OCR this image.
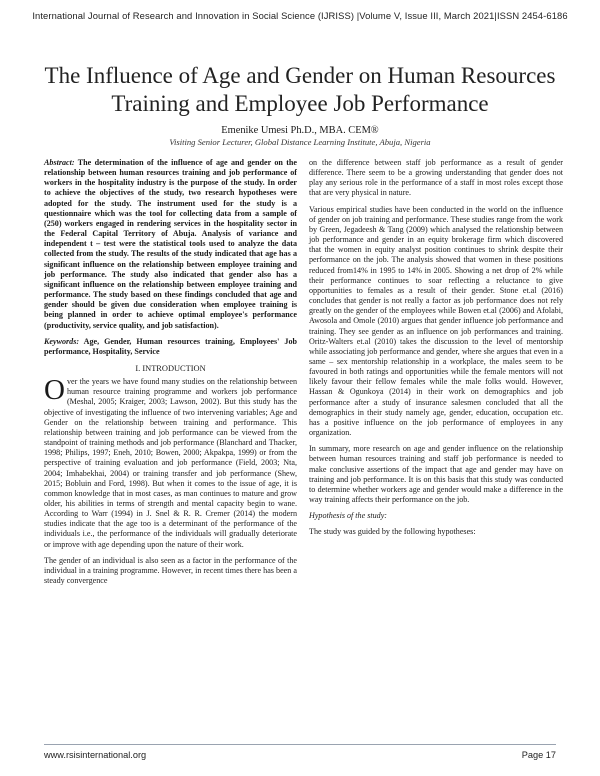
International Journal of Research and Innovation in Social Science (IJRISS) |Volume V, Issue III, March 2021|ISSN 2454-6186
The Influence of Age and Gender on Human Resources Training and Employee Job Performance
Emenike Umesi Ph.D., MBA. CEM®
Visiting Senior Lecturer, Global Distance Learning Institute, Abuja, Nigeria

Abstract: The determination of the influence of age and gender on the relationship between human resources training and job performance of workers in the hospitality industry is the purpose of the study. In order to achieve the objectives of the study, two research hypotheses were adopted for the study. The instrument used for the study is a questionnaire which was the tool for collecting data from a sample of (250) workers engaged in rendering services in the hospitality sector in the Federal Capital Territory of Abuja. Analysis of variance and independent t – test were the statistical tools used to analyze the data collected from the study. The results of the study indicated that age has a significant influence on the relationship between employee training and job performance. The study also indicated that gender also has a significant influence on the relationship between employee training and performance. The study based on these findings concluded that age and gender should be given due consideration when employee training is being planned in order to achieve optimal employee's performance (productivity, service quality, and job satisfaction).

Keywords: Age, Gender, Human resources training, Employees' Job performance, Hospitality, Service

I. INTRODUCTION

Over the years we have found many studies on the relationship between human resource training programme and workers job performance (Meshal, 2005; Kraiger, 2003; Lawson, 2002). But this study has the objective of investigating the influence of two intervening variables; Age and Gender on the relationship between training and performance. This relationship between training and job performance can be viewed from the standpoint of training methods and job performance (Blanchard and Thacker, 1998; Philips, 1997; Eneh, 2010; Bowen, 2000; Akpakpa, 1999) or from the perspective of training evaluation and job performance (Field, 2003; Nta, 2004; Imhabekhai, 2004) or training transfer and job performance (Shew, 2015; Bobluin and Ford, 1998). But when it comes to the issue of age, it is common knowledge that in most cases, as man continues to mature and grow older, his abilities in terms of strength and mental capacity begin to wane. According to Warr (1994) in J. Snel & R. R. Cremer (2014) the modern studies indicate that the age too is a determinant of the performance of the individuals i.e., the performance of the individuals will gradually deteriorate or improve with age depending upon the nature of their work.

The gender of an individual is also seen as a factor in the performance of the individual in a training programme. However, in recent times there has been a steady convergence

on the difference between staff job performance as a result of gender difference. There seem to be a growing understanding that gender does not play any serious role in the performance of a staff in most roles except those that are very physical in nature.

Various empirical studies have been conducted in the world on the influence of gender on job training and performance. These studies range from the work by Green, Jegadeesh & Tang (2009) which analysed the relationship between job performance and gender in an equity brokerage firm which discovered that the women in equity analyst position continues to shrink despite their performance on the job. The analysis showed that women in these positions reduced from14% in 1995 to 14% in 2005. Showing a net drop of 2% while their performance continues to soar reflecting a reluctance to give opportunities to females as a result of their gender. Stone et.al (2016) concludes that gender is not really a factor as job performance does not rely greatly on the gender of the employees while Bowen et.al (2006) and Afolabi, Awosola and Omole (2010) argues that gender influence job performance and training. They see gender as an influence on job performances and training. Oritz-Walters et.al (2010) takes the discussion to the level of mentorship while associating job performance and gender, where she argues that even in a same – sex mentorship relationship in a workplace, the males seem to be favoured in both ratings and opportunities while the female mentors will not likely favour their fellow females while the male folks would. However, Hassan & Ogunkoya (2014) in their work on demographics and job performance after a study of insurance salesmen concluded that all the demographics in their study namely age, gender, education, occupation etc. has a positive influence on the job performance of employees in any organization.

In summary, more research on age and gender influence on the relationship between human resources training and staff job performance is needed to make conclusive assertions of the impact that age and gender may have on training and job performance. It is on this basis that this study was conducted to determine whether workers age and gender would make a difference in the way training affects their performance on the job.

Hypothesis of the study:

The study was guided by the following hypotheses:

www.rsisinternational.org	Page 17
